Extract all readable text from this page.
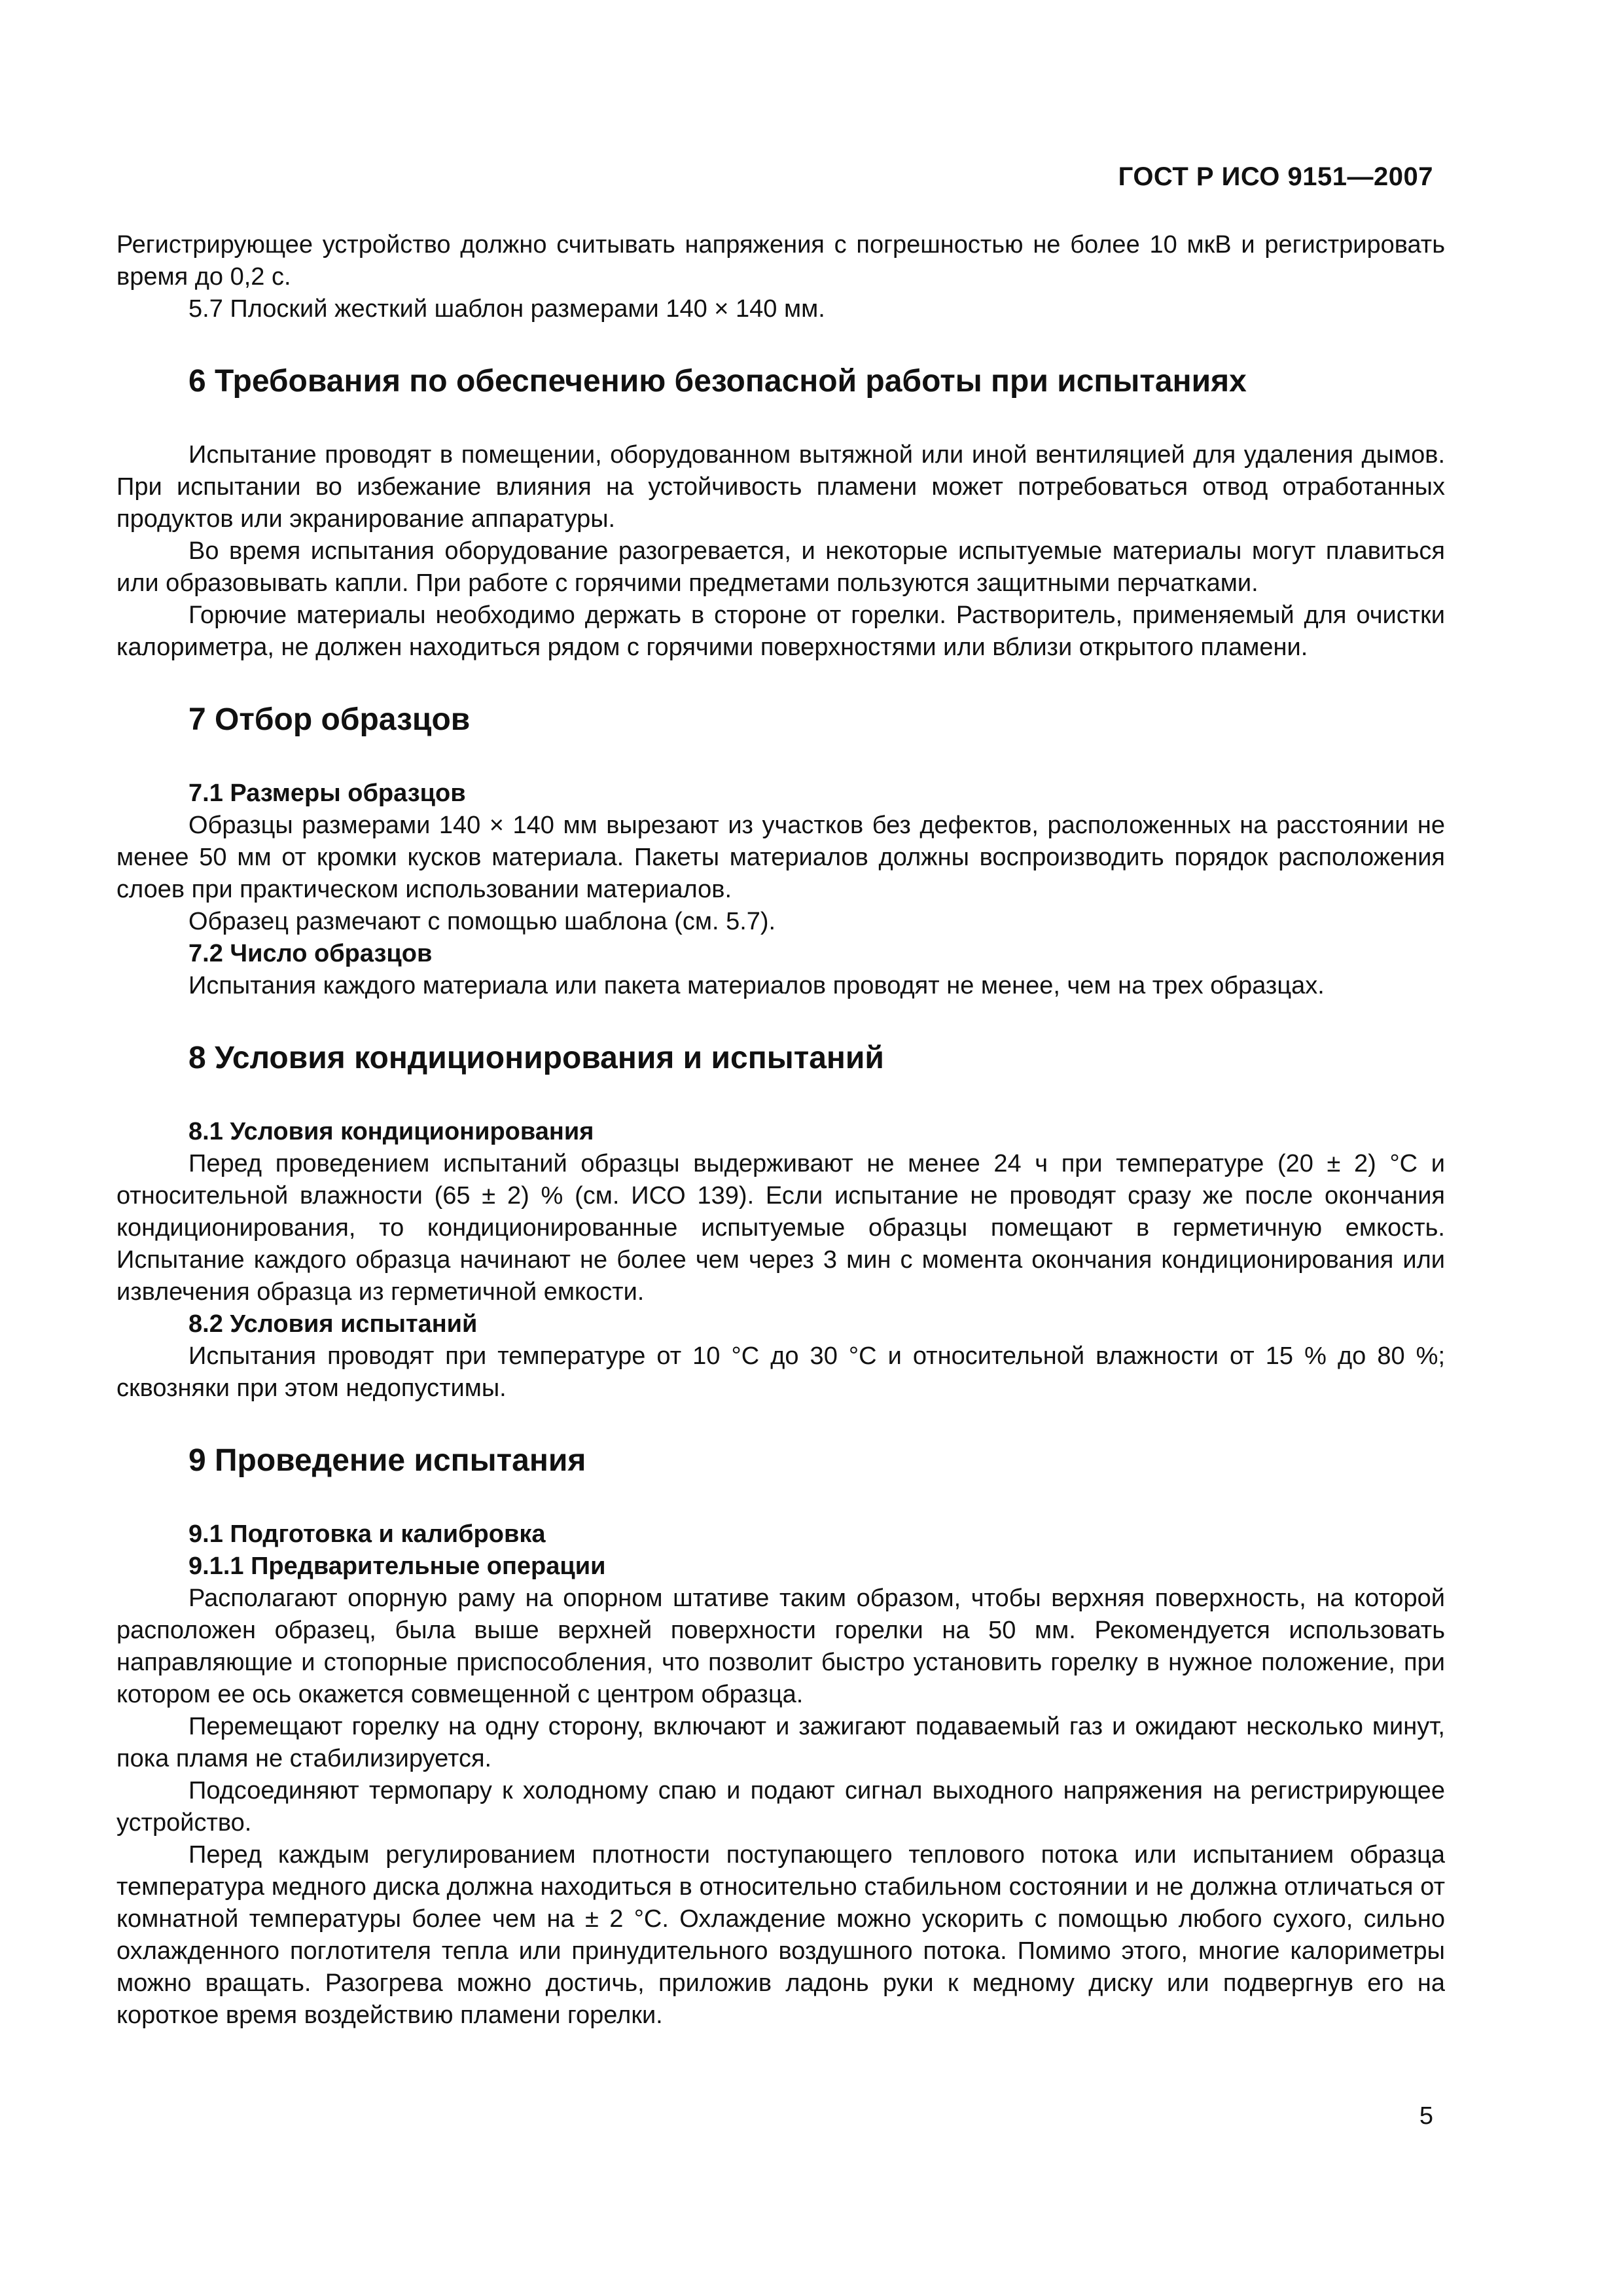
ГОСТ Р ИСО 9151—2007

Регистрирующее устройство должно считывать напряжения с погрешностью не более 10 мкВ и регистрировать время до 0,2 с.

5.7 Плоский жесткий шаблон размерами 140 × 140 мм.

6 Требования по обеспечению безопасной работы при испытаниях

Испытание проводят в помещении, оборудованном вытяжной или иной вентиляцией для удаления дымов. При испытании во избежание влияния на устойчивость пламени может потребоваться отвод отработанных продуктов или экранирование аппаратуры.

Во время испытания оборудование разогревается, и некоторые испытуемые материалы могут плавиться или образовывать капли. При работе с горячими предметами пользуются защитными перчатками.

Горючие материалы необходимо держать в стороне от горелки. Растворитель, применяемый для очистки калориметра, не должен находиться рядом с горячими поверхностями или вблизи открытого пламени.

7 Отбор образцов
7.1 Размеры образцов

Образцы размерами 140 × 140 мм вырезают из участков без дефектов, расположенных на расстоянии не менее 50 мм от кромки кусков материала. Пакеты материалов должны воспроизводить порядок расположения слоев при практическом использовании материалов.

Образец размечают с помощью шаблона (см. 5.7).

7.2 Число образцов

Испытания каждого материала или пакета материалов проводят не менее, чем на трех образцах.

8 Условия кондиционирования и испытаний
8.1 Условия кондиционирования

Перед проведением испытаний образцы выдерживают не менее 24 ч при температуре (20 ± 2) °С и относительной влажности (65 ± 2) % (см. ИСО 139). Если испытание не проводят сразу же после окончания кондиционирования, то кондиционированные испытуемые образцы помещают в герметичную емкость. Испытание каждого образца начинают не более чем через 3 мин с момента окончания кондиционирования или извлечения образца из герметичной емкости.

8.2 Условия испытаний

Испытания проводят при температуре от 10 °С до 30 °С и относительной влажности от 15 % до 80 %; сквозняки при этом недопустимы.

9 Проведение испытания
9.1 Подготовка и калибровка
9.1.1 Предварительные операции

Располагают опорную раму на опорном штативе таким образом, чтобы верхняя поверхность, на которой расположен образец, была выше верхней поверхности горелки на 50 мм. Рекомендуется использовать направляющие и стопорные приспособления, что позволит быстро установить горелку в нужное положение, при котором ее ось окажется совмещенной с центром образца.

Перемещают горелку на одну сторону, включают и зажигают подаваемый газ и ожидают несколько минут, пока пламя не стабилизируется.

Подсоединяют термопару к холодному спаю и подают сигнал выходного напряжения на регистрирующее устройство.

Перед каждым регулированием плотности поступающего теплового потока или испытанием образца температура медного диска должна находиться в относительно стабильном состоянии и не должна отличаться от комнатной температуры более чем на ± 2 °С. Охлаждение можно ускорить с помощью любого сухого, сильно охлажденного поглотителя тепла или принудительного воздушного потока. Помимо этого, многие калориметры можно вращать. Разогрева можно достичь, приложив ладонь руки к медному диску или подвергнув его на короткое время воздействию пламени горелки.

5
